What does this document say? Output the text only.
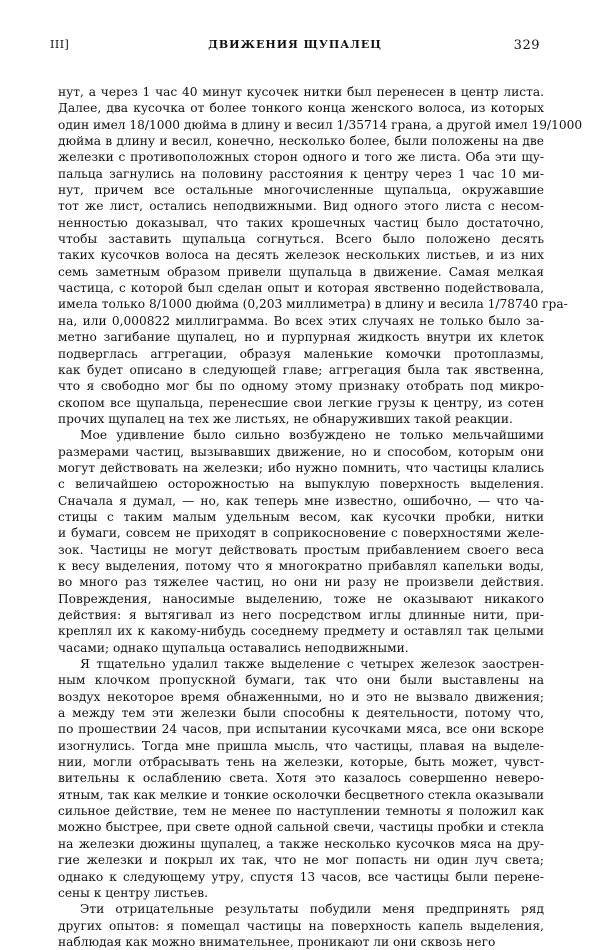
III]	ДВИЖЕНИЯ ЩУПАЛЕЦ	329
нут, а через 1 час 40 минут кусочек нитки был перенесен в центр листа.
Далее, два кусочка от более тонкого конца женского волоса, из которых
один имел 18/1000 дюйма в длину и весил 1/35714 грана, а другой имел 19/1000
дюйма в длину и весил, конечно, несколько более, были положены на две
железки с противоположных сторон одного и того же листа. Оба эти щу-
пальца загнулись на половину расстояния к центру через 1 час 10 ми-
нут, причем все остальные многочисленные щупальца, окружавшие
тот же лист, остались неподвижными. Вид одного этого листа с несом-
ненностью доказывал, что таких крошечных частиц было достаточно,
чтобы заставить щупальца согнуться. Всего было положено десять
таких кусочков волоса на десять железок нескольких листьев, и из них
семь заметным образом привели щупальца в движение. Самая мелкая
частица, с которой был сделан опыт и которая явственно подействовала,
имела только 8/1000 дюйма (0,203 миллиметра) в длину и весила 1/78740 гра-
на, или 0,000822 миллиграмма. Во всех этих случаях не только было за-
метно загибание щупалец, но и пурпурная жидкость внутри их клеток
подверглась аггрегации, образуя маленькие комочки протоплазмы,
как будет описано в следующей главе; аггрегация была так явственна,
что я свободно мог бы по одному этому признаку отобрать под микро-
скопом все щупальца, перенесшие свои легкие грузы к центру, из сотен
прочих щупалец на тех же листьях, не обнаруживших такой реакции.
Мое удивление было сильно возбуждено не только мельчайшими
размерами частиц, вызывавших движение, но и способом, которым они
могут действовать на железки; ибо нужно помнить, что частицы клались
с величайшею осторожностью на выпуклую поверхность выделения.
Сначала я думал, — но, как теперь мне известно, ошибочно, — что ча-
стицы с таким малым удельным весом, как кусочки пробки, нитки
и бумаги, совсем не приходят в соприкосновение с поверхностями желе-
зок. Частицы не могут действовать простым прибавлением своего веса
к весу выделения, потому что я многократно прибавлял капельки воды,
во много раз тяжелее частиц, но они ни разу не произвели действия.
Повреждения, наносимые выделению, тоже не оказывают никакого
действия: я вытягивал из него посредством иглы длинные нити, при-
креплял их к какому-нибудь соседнему предмету и оставлял так целыми
часами; однако щупальца оставались неподвижными.
Я тщательно удалил также выделение с четырех железок заострен-
ным клочком пропускной бумаги, так что они были выставлены на
воздух некоторое время обнаженными, но и это не вызвало движения;
а между тем эти железки были способны к деятельности, потому что,
по прошествии 24 часов, при испытании кусочками мяса, все они вскоре
изогнулись. Тогда мне пришла мысль, что частицы, плавая на выделе-
нии, могли отбрасывать тень на железки, которые, быть может, чувст-
вительны к ослаблению света. Хотя это казалось совершенно неверо-
ятным, так как мелкие и тонкие осколочки бесцветного стекла оказывали
сильное действие, тем не менее по наступлении темноты я положил как
можно быстрее, при свете одной сальной свечи, частицы пробки и стекла
на железки дюжины щупалец, а также несколько кусочков мяса на дру-
гие железки и покрыл их так, что не мог попасть ни один луч света;
однако к следующему утру, спустя 13 часов, все частицы были перене-
сены к центру листьев.
Эти отрицательные результаты побудили меня предпринять ряд
других опытов: я помещал частицы на поверхность капель выделения,
наблюдая как можно внимательнее, проникают ли они сквозь него
